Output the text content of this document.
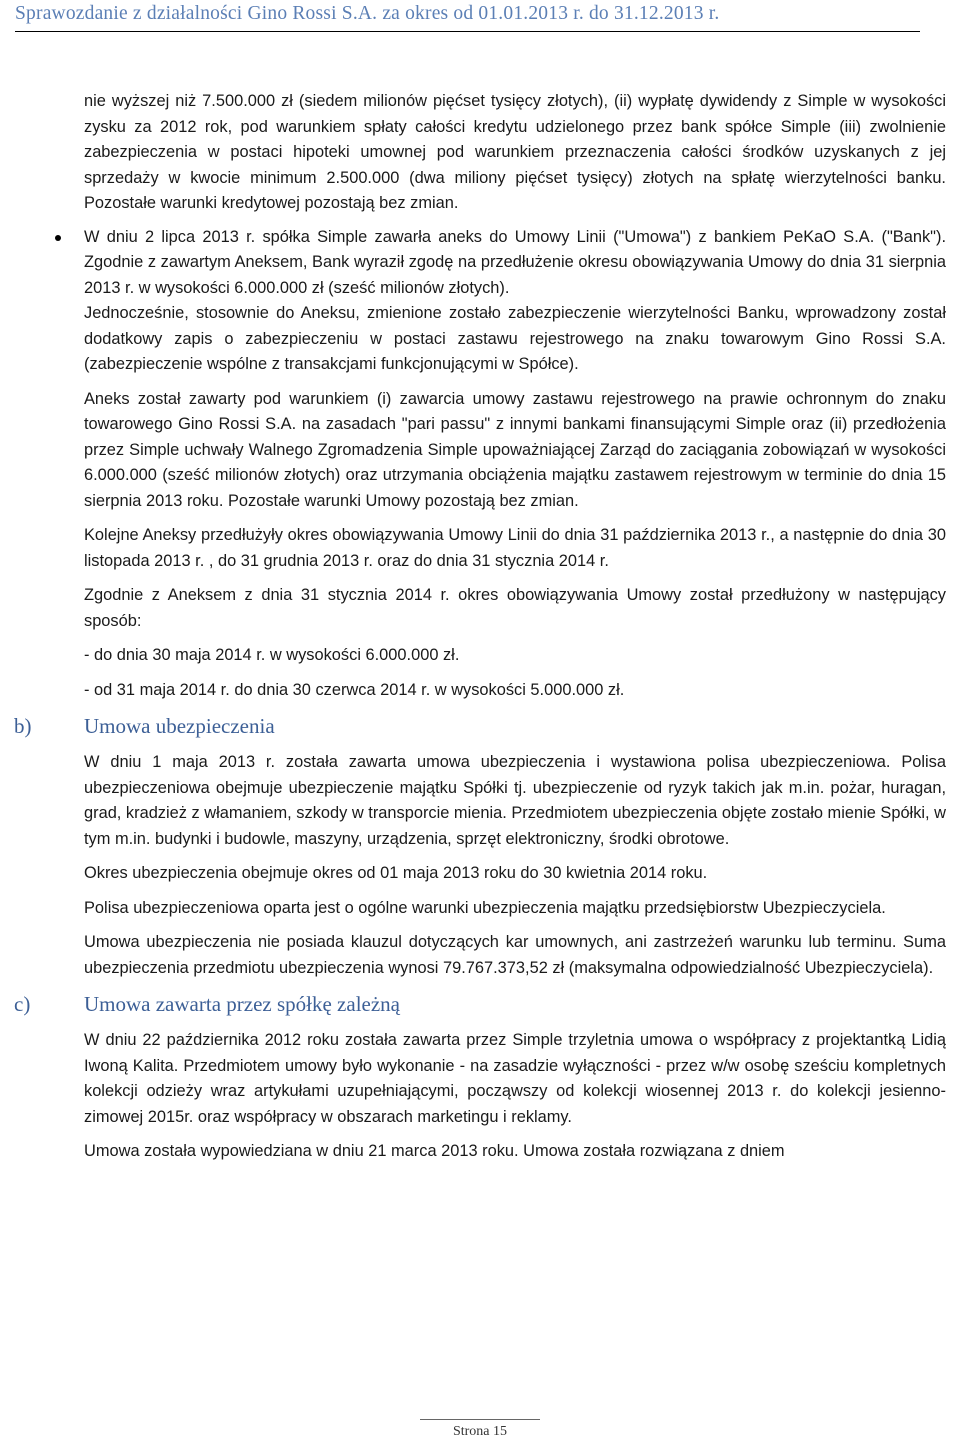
Sprawozdanie z działalności Gino Rossi S.A. za okres od 01.01.2013 r. do 31.12.2013 r.

nie wyższej niż 7.500.000 zł (siedem milionów pięćset tysięcy złotych), (ii) wypłatę dywidendy z Simple w wysokości zysku za 2012 rok, pod warunkiem spłaty całości kredytu udzielonego przez bank spółce Simple (iii) zwolnienie zabezpieczenia w postaci hipoteki umownej pod warunkiem przeznaczenia całości środków uzyskanych z jej sprzedaży w kwocie minimum 2.500.000 (dwa miliony pięćset tysięcy) złotych na spłatę wierzytelności banku. Pozostałe warunki kredytowej pozostają bez zmian.

W dniu 2 lipca 2013 r. spółka Simple zawarła aneks do Umowy Linii ("Umowa") z bankiem PeKaO S.A. ("Bank"). Zgodnie z zawartym Aneksem, Bank wyraził zgodę na przedłużenie okresu obowiązywania Umowy do dnia 31 sierpnia 2013 r. w wysokości 6.000.000 zł (sześć milionów złotych).

Jednocześnie, stosownie do Aneksu, zmienione zostało zabezpieczenie wierzytelności Banku, wprowadzony został dodatkowy zapis o zabezpieczeniu w postaci zastawu rejestrowego na znaku towarowym Gino Rossi S.A. (zabezpieczenie wspólne z transakcjami funkcjonującymi w Spółce).

Aneks został zawarty pod warunkiem (i) zawarcia umowy zastawu rejestrowego na prawie ochronnym do znaku towarowego Gino Rossi S.A. na zasadach "pari passu" z innymi bankami finansującymi Simple oraz (ii) przedłożenia przez Simple uchwały Walnego Zgromadzenia Simple upoważniającej Zarząd do zaciągania zobowiązań w wysokości 6.000.000 (sześć milionów złotych) oraz utrzymania obciążenia majątku zastawem rejestrowym w terminie do dnia 15 sierpnia 2013 roku. Pozostałe warunki Umowy pozostają bez zmian.

Kolejne Aneksy przedłużyły okres obowiązywania Umowy Linii do dnia 31 października 2013 r., a następnie do dnia 30 listopada 2013 r. , do 31 grudnia 2013 r. oraz do dnia 31 stycznia 2014 r.

Zgodnie z Aneksem z dnia 31 stycznia 2014 r. okres obowiązywania Umowy został przedłużony w następujący sposób:

- do dnia 30 maja 2014 r. w wysokości 6.000.000 zł.

- od 31 maja 2014 r. do dnia 30 czerwca 2014 r. w wysokości 5.000.000 zł.

b)	Umowa ubezpieczenia

W dniu 1 maja 2013 r. została zawarta umowa ubezpieczenia i wystawiona polisa ubezpieczeniowa. Polisa ubezpieczeniowa obejmuje ubezpieczenie majątku Spółki tj. ubezpieczenie od ryzyk takich jak m.in. pożar, huragan, grad, kradzież z włamaniem, szkody w transporcie mienia. Przedmiotem ubezpieczenia objęte zostało mienie Spółki, w tym m.in. budynki i budowle, maszyny, urządzenia, sprzęt elektroniczny, środki obrotowe.

Okres ubezpieczenia obejmuje okres od 01 maja 2013 roku do 30 kwietnia 2014 roku.

Polisa ubezpieczeniowa oparta jest o ogólne warunki ubezpieczenia majątku przedsiębiorstw Ubezpieczyciela.

Umowa ubezpieczenia nie posiada klauzul dotyczących kar umownych, ani zastrzeżeń warunku lub terminu. Suma ubezpieczenia przedmiotu ubezpieczenia wynosi 79.767.373,52 zł (maksymalna odpowiedzialność Ubezpieczyciela).

c)	Umowa zawarta przez spółkę zależną

W dniu 22 października 2012 roku została zawarta przez Simple trzyletnia umowa o współpracy z projektantką Lidią Iwoną Kalita. Przedmiotem umowy było wykonanie - na zasadzie wyłączności - przez w/w osobę sześciu kompletnych kolekcji odzieży wraz artykułami uzupełniającymi, począwszy od kolekcji wiosennej 2013 r. do kolekcji jesienno-zimowej 2015r. oraz współpracy w obszarach marketingu i reklamy.

Umowa została wypowiedziana w dniu 21 marca 2013 roku. Umowa została rozwiązana z dniem

Strona 15
